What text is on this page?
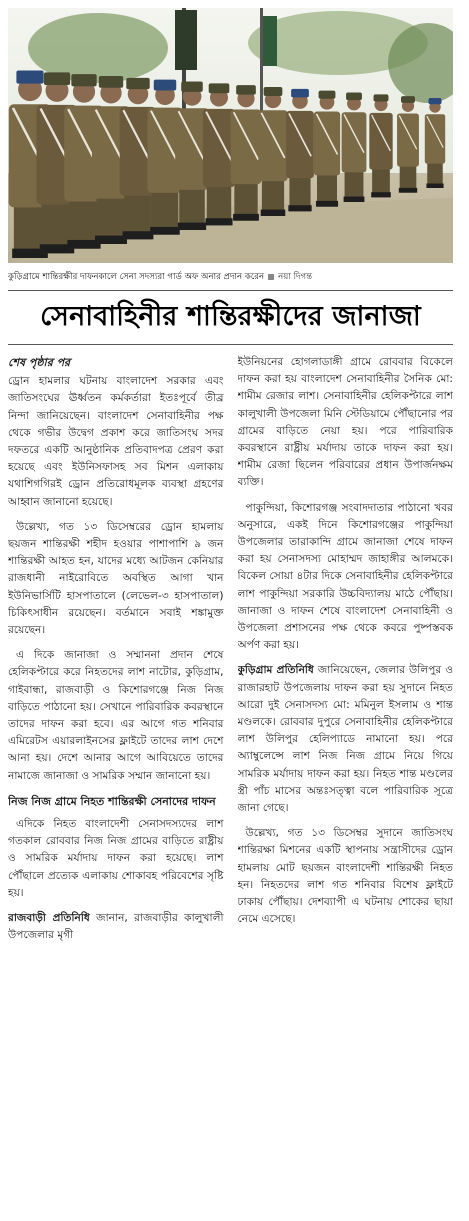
কুড়িগ্রামে শান্তিরক্ষীর দাফনকালে সেনা সদস্যরা গার্ড অফ অনার প্রদান করেন নয়া দিগন্ত
সেনাবাহিনীর শান্তিরক্ষীদের জানাজা
শেষ পৃষ্ঠার পর

ড্রোন হামলার ঘটনায় বাংলাদেশ সরকার এবং জাতিসংঘের ঊর্ধ্বতন কর্মকর্তারা ইতঃপূর্বে তীব্র নিন্দা জানিয়েছেন। বাংলাদেশ সেনাবাহিনীর পক্ষ থেকে গভীর উদ্বেগ প্রকাশ করে জাতিসংঘ সদর দফতরে একটি আনুষ্ঠানিক প্রতিবাদপত্র প্রেরণ করা হয়েছে এবং ইউনিসফাসহ সব মিশন এলাকায় যথাশিগগিরই ড্রোন প্রতিরোধমূলক ব্যবস্থা গ্রহণের আহ্বান জানানো হয়েছে।

উল্লেখ্য, গত ১৩ ডিসেম্বরের ড্রোন হামলায় ছয়জন শান্তিরক্ষী শহীদ হওয়ার পাশাপাশি ৯ জন শান্তিরক্ষী আহত হন, যাদের মধ্যে আটজন কেনিয়ার রাজধানী নাইরোবিতে অবস্থিত আগা খান ইউনিভার্সিটি হাসপাতালে (লেভেল-৩ হাসপাতাল) চিকিৎসাধীন রয়েছেন। বর্তমানে সবাই শঙ্কামুক্ত রয়েছেন।

এ দিকে জানাজা ও সম্মাননা প্রদান শেষে হেলিকপ্টারে করে নিহতদের লাশ নাটোর, কুড়িগ্রাম, গাইবান্ধা, রাজবাড়ী ও কিশোরগঞ্জে নিজ নিজ বাড়িতে পাঠানো হয়। সেখানে পারিবারিক কবরস্থানে তাদের দাফন করা হবে। এর আগে গত শনিবার এমিরেটস এয়ারলাইনসের ফ্লাইটে তাদের লাশ দেশে আনা হয়। দেশে আনার আগে আবিয়েতে তাদের নামাজে জানাজা ও সামরিক সম্মান জানানো হয়।

নিজ নিজ গ্রামে নিহত শান্তিরক্ষী সেনাদের দাফন

এদিকে নিহত বাংলাদেশী সেনাসদস্যদের লাশ গতকাল রোববার নিজ নিজ গ্রামের বাড়িতে রাষ্ট্রীয় ও সামরিক মর্যাদায় দাফন করা হয়েছে। লাশ পৌঁছালে প্রত্যেক এলাকায় শোকাবহ পরিবেশের সৃষ্টি হয়।

রাজবাড়ী প্রতিনিধি জানান, রাজবাড়ীর কালুখালী উপজেলার মৃগী

ইউনিয়নের হোগলাডাঙ্গী গ্রামে রোববার বিকেলে দাফন করা হয় বাংলাদেশ সেনাবাহিনীর সৈনিক মো: শামীম রেজার লাশ। সেনাবাহিনীর হেলিকপ্টারে লাশ কালুখালী উপজেলা মিনি স্টেডিয়ামে পৌঁছানোর পর গ্রামের বাড়িতে নেয়া হয়। পরে পারিবারিক কবরস্থানে রাষ্ট্রীয় মর্যাদায় তাকে দাফন করা হয়। শামীম রেজা ছিলেন পরিবারের প্রধান উপার্জনক্ষম ব্যক্তি।

পাকুন্দিয়া, কিশোরগঞ্জ সংবাদদাতার পাঠানো খবর অনুসারে, একই দিনে কিশোরগঞ্জের পাকুন্দিয়া উপজেলার তারাকান্দি গ্রামে জানাজা শেষে দাফন করা হয় সেনাসদস্য মোহাম্মদ জাহাঙ্গীর আলমকে। বিকেল সোয়া ৪টার দিকে সেনাবাহিনীর হেলিকপ্টারে লাশ পাকুন্দিয়া সরকারি উচ্চবিদ্যালয় মাঠে পৌঁছায়। জানাজা ও দাফন শেষে বাংলাদেশ সেনাবাহিনী ও উপজেলা প্রশাসনের পক্ষ থেকে কবরে পুষ্পস্তবক অর্পণ করা হয়।

কুড়িগ্রাম প্রতিনিধি জানিয়েছেন, জেলার উলিপুর ও রাজারহাট উপজেলায় দাফন করা হয় সুদানে নিহত আরো দুই সেনাসদস্য মো: মমিনুল ইসলাম ও শান্ত মণ্ডলকে। রোববার দুপুরে সেনাবাহিনীর হেলিকপ্টারে লাশ উলিপুর হেলিপ্যাডে নামানো হয়। পরে অ্যাম্বুলেন্সে লাশ নিজ নিজ গ্রামে নিয়ে গিয়ে সামরিক মর্যাদায় দাফন করা হয়। নিহত শান্ত মণ্ডলের স্ত্রী পাঁচ মাসের অন্তঃসত্ত্বা বলে পারিবারিক সূত্রে জানা গেছে।

উল্লেখ্য, গত ১৩ ডিসেম্বর সুদানে জাতিসংঘ শান্তিরক্ষা মিশনের একটি স্থাপনায় সন্ত্রাসীদের ড্রোন হামলায় মোট ছয়জন বাংলাদেশী শান্তিরক্ষী নিহত হন। নিহতদের লাশ গত শনিবার বিশেষ ফ্লাইটে ঢাকায় পৌঁছায়। দেশব্যাপী এ ঘটনায় শোকের ছায়া নেমে এসেছে।
